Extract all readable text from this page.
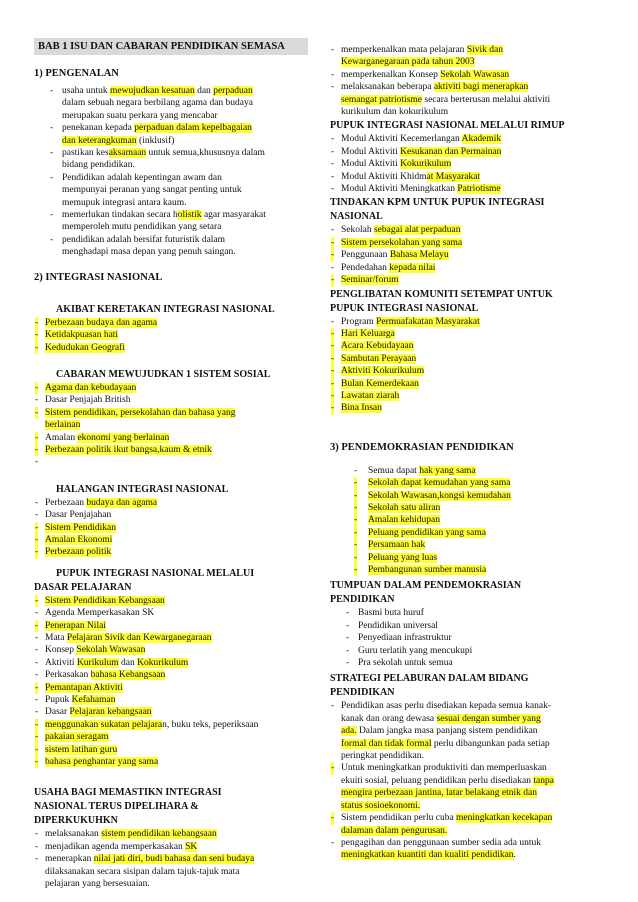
BAB 1 ISU DAN CABARAN PENDIDIKAN SEMASA
1) PENGENALAN
- usaha untuk mewujudkan kesatuan dan perpaduan
dalam sebuah negara berbilang agama dan budaya
merupakan suatu perkara yang mencabar
- penekanan kepada perpaduan dalam kepelbagaian
dan keterangkuman (inklusif)
- pastikan kesaksamaan untuk semua,khususnya dalam
bidang pendidikan.
- Pendidikan adalah kepentingan awam dan
mempunyai peranan yang sangat penting untuk
memupuk integrasi antara kaum.
- memerlukan tindakan secara holistik agar masyarakat
memperoleh mutu pendidikan yang setara
- pendidikan adalah bersifat futuristik dalam
menghadapi masa depan yang penuh saingan.
2) INTEGRASI NASIONAL
AKIBAT KERETAKAN INTEGRASI NASIONAL
- Perbezaan budaya dan agama
- Ketidakpuasan hati
- Kedudukan Geografi
CABARAN MEWUJUDKAN 1 SISTEM SOSIAL
- Agama dan kebudayaan
- Dasar Penjajah British
- Sistem pendidikan, persekolahan dan bahasa yang
berlainan
- Amalan ekonomi yang berlainan
- Perbezaan politik ikut bangsa,kaum & etnik
-
HALANGAN INTEGRASI NASIONAL
- Perbezaan budaya dan agama
- Dasar Penjajahan
- Sistem Pendidikan
- Amalan Ekonomi
- Perbezaan politik
PUPUK INTEGRASI NASIONAL MELALUI
DASAR PELAJARAN
- Sistem Pendidikan Kebangsaan
- Agenda Memperkasakan SK
- Penerapan Nilai
- Mata Pelajaran Sivik dan Kewarganegaraan
- Konsep Sekolah Wawasan
- Aktiviti Kurikulum dan Kokurikulum
- Perkasakan bahasa Kebangsaan
- Pemantapan Aktiviti
- Pupuk Kefahaman
- Dasar Pelajaran kebangsaan
- menggunakan sukatan pelajaran, buku teks, peperiksaan
- pakaian seragam
- sistem latihan guru
- bahasa penghantar yang sama
USAHA BAGI MEMASTIKN INTEGRASI
NASIONAL TERUS DIPELIHARA &
DIPERKUKUHKN
- melaksanakan sistem pendidikan kebangsaan
- menjadikan agenda memperkasakan SK
- menerapkan nilai jati diri, budi bahasa dan seni budaya
dilaksanakan secara sisipan dalam tajuk-tajuk mata
pelajaran yang bersesuaian.
- memperkenalkan mata pelajaran Sivik dan
Kewarganegaraan pada tahun 2003
- memperkenalkan Konsep Sekolah Wawasan
- melaksanakan beberapa aktiviti bagi menerapkan
semangat patriotisme secara berterusan melalui aktiviti
kurikulum dan kokurikulum
PUPUK INTEGRASI NASIONAL MELALUI RIMUP
- Modul Aktiviti Kecemerlangan Akademik
- Modul Aktiviti Kesukanan dan Permainan
- Modul Aktiviti Kokurikulum
- Modul Aktiviti Khidmat Masyarakat
- Modul Aktiviti Meningkatkan Patriotisme
TINDAKAN KPM UNTUK PUPUK INTEGRASI
NASIONAL
- Sekolah sebagai alat perpaduan
- Sistem persekolahan yang sama
- Penggunaan Bahasa Melayu
- Pendedahan kepada nilai
- Seminar/forum
PENGLIBATAN KOMUNITI SETEMPAT UNTUK
PUPUK INTEGRASI NASIONAL
- Program Permuafakatan Masyarakat
- Hari Keluarga
- Acara Kebudayaan
- Sambutan Perayaan
- Aktiviti Kokurikulum
- Bulan Kemerdekaan
- Lawatan ziarah
- Bina Insan
3) PENDEMOKRASIAN PENDIDIKAN
- Semua dapat hak yang sama
- Sekolah dapat kemudahan yang sama
- Sekolah Wawasan,kongsi kemudahan
- Sekolah satu aliran
- Amalan kehidupan
- Peluang pendidikan yang sama
- Persamaan hak
- Peluang yang luas
- Pembangunan sumber manusia
TUMPUAN DALAM PENDEMOKRASIAN
PENDIDIKAN
- Basmi buta huruf
- Pendidikan universal
- Penyediaan infrastruktur
- Guru terlatih yang mencukupi
- Pra sekolah untuk semua
STRATEGI PELABURAN DALAM BIDANG
PENDIDIKAN
- Pendidikan asas perlu disediakan kepada semua kanak-
kanak dan orang dewasa sesuai dengan sumber yang
ada. Dalam jangka masa panjang sistem pendidikan
formal dan tidak formal perlu dibangunkan pada setiap
peringkat pendidikan.
- Untuk meningkatkan produktiviti dan memperluaskan
ekuiti sosial, peluang pendidikan perlu disediakan tanpa
mengira perbezaan jantina, latar belakang etnik dan
status sosioekonomi.
- Sistem pendidikan perlu cuba meningkatkan kecekapan
dalaman dalam pengurusan.
- pengagihan dan penggunaan sumber sedia ada untuk
meningkatkan kuantiti dan kualiti pendidikan.
